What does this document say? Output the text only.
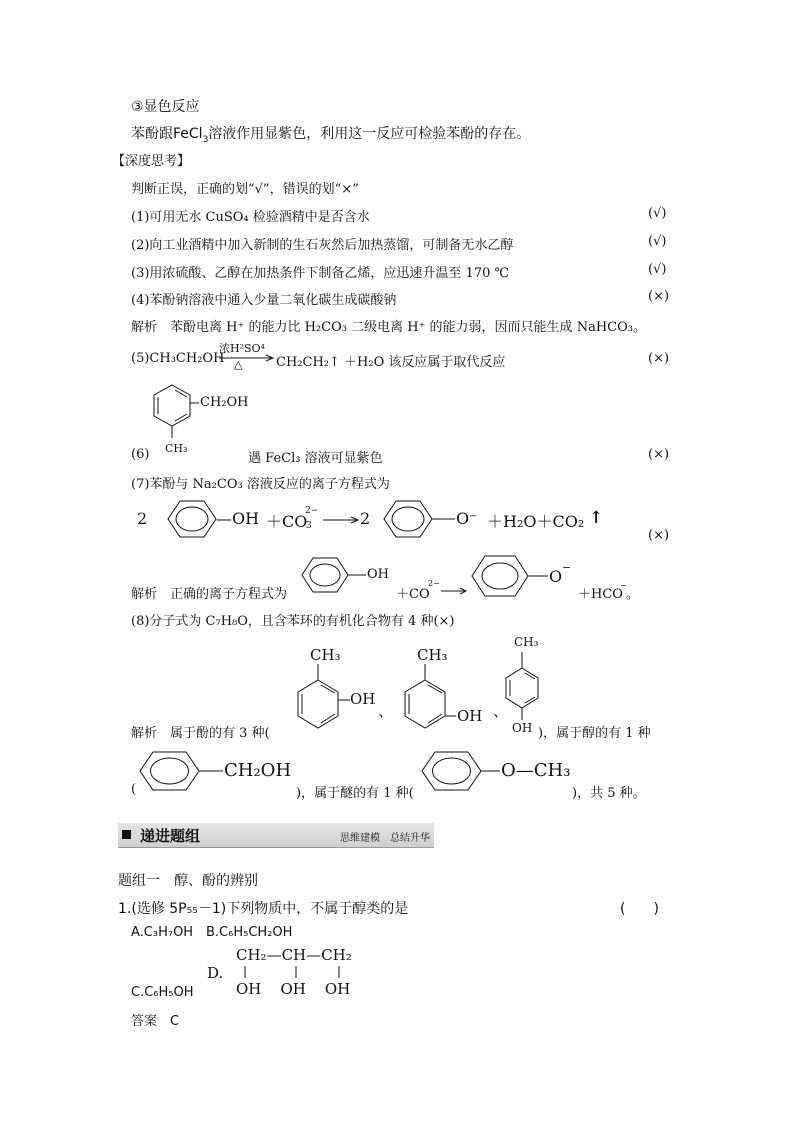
③显色反应
苯酚跟FeCl$_3$溶液作用显紫色，利用这一反应可检验苯酚的存在。
【深度思考】
判断正误，正确的划“√”，错误的划“×”
(1)可用无水 CuSO₄ 检验酒精中是否含水	(√)
(2)向工业酒精中加入新制的生石灰然后加热蒸馏，可制备无水乙醇	(√)
(3)用浓硫酸、乙醇在加热条件下制备乙烯，应迅速升温至 170 ℃	(√)
(4)苯酚钠溶液中通入少量二氧化碳生成碳酸钠	(×)
解析　苯酚电离 H⁺ 的能力比 H₂CO₃ 二级电离 H⁺ 的能力弱，因而只能生成 NaHCO₃。
(5)CH₃CH₂OH
浓H²SO⁴
△	CH₂CH₂↑ ＋H₂O 该反应属于取代反应	(×)
CH₂OH
CH₃
(6)	遇 FeCl₃ 溶液可显紫色	(×)
(7)苯酚与 Na₂CO₃ 溶液反应的离子方程式为
2	—OH ＋CO
2−
3	2	O⁻ ＋H₂O＋CO₂ ↑
(×)
解析　正确的离子方程式为
OH
＋CO
2−	O −
＋HCO
−
。
(8)分子式为 C₇H₈O，且含苯环的有机化合物有 4 种(×)
CH₃
OH
、
CH₃
OH 、
CH₃
OH
解析　属于酚的有 3 种(	)，属于醇的有 1 种
(
CH₂OH
)，属于醚的有 1 种(
O—CH₃
)，共 5 种。
递进题组	思维建模　总结升华
题组一　醇、酚的辨别
1.(选修 5P₅₅－1)下列物质中，不属于醇类的是	(　　)
A.C₃H₇OH B.C₆H₅CH₂OH
C.C₆H₅OH
D.
CH₂—CH—CH₂
OH    OH    OH
答案　C
